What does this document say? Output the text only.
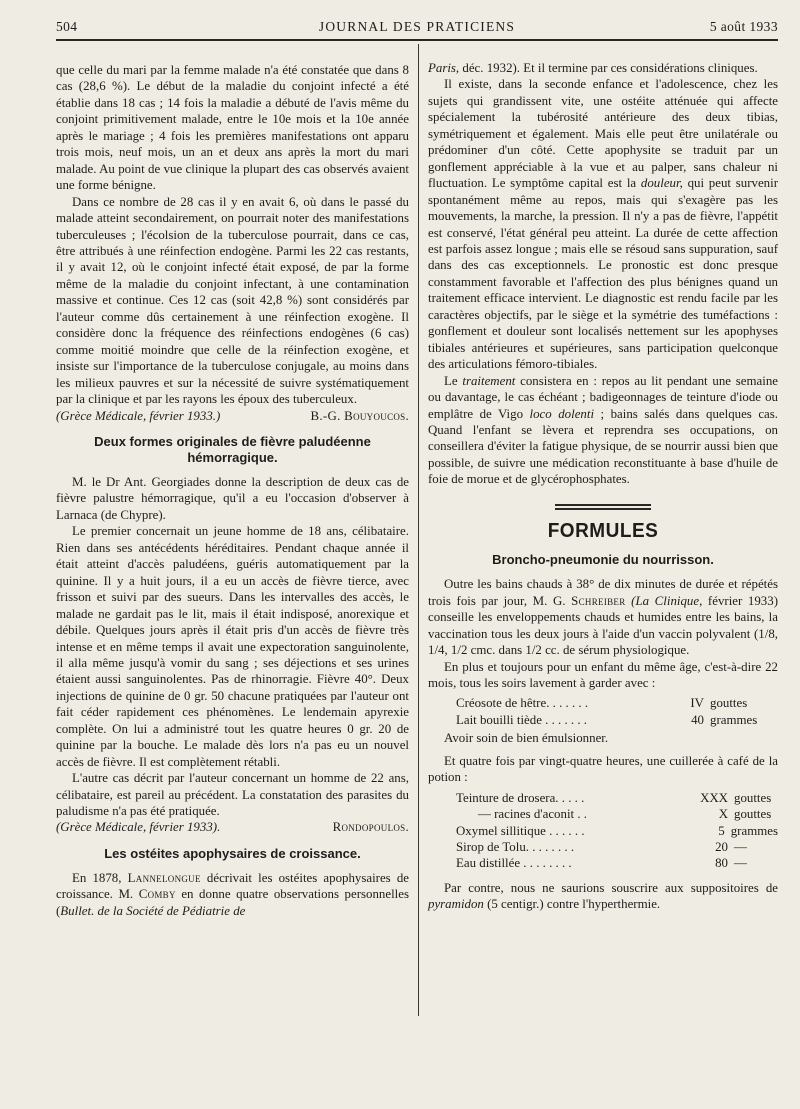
504	JOURNAL DES PRATICIENS	5 août 1933

que celle du mari par la femme malade n'a été constatée que dans 8 cas (28,6 %). Le début de la maladie du conjoint infecté a été établie dans 18 cas ; 14 fois la maladie a débuté de l'avis même du conjoint primitivement malade, entre le 10e mois et la 10e année après le mariage ; 4 fois les premières manifestations ont apparu trois mois, neuf mois, un an et deux ans après la mort du mari malade. Au point de vue clinique la plupart des cas observés avaient une forme bénigne.

Dans ce nombre de 28 cas il y en avait 6, où dans le passé du malade atteint secondairement, on pourrait noter des manifestations tuberculeuses ; l'écolsion de la tuberculose pourrait, dans ce cas, être attribués à une réinfection endogène. Parmi les 22 cas restants, il y avait 12, où le conjoint infecté était exposé, de par la forme même de la maladie du conjoint infectant, à une contamination massive et continue. Ces 12 cas (soit 42,8 %) sont considérés par l'auteur comme dûs certainement à une réinfection exogène. Il considère donc la fréquence des réinfections endogènes (6 cas) comme moitié moindre que celle de la réinfection exogène, et insiste sur l'importance de la tuberculose conjugale, au moins dans les milieux pauvres et sur la nécessité de suivre systématiquement par la clinique et par les rayons les époux des tuberculeux.

(Grèce Médicale, février 1933.)	B.-G. Bouyoucos.
Deux formes originales de fièvre paludéenne hémorragique.

M. le Dr Ant. Georgiades donne la description de deux cas de fièvre palustre hémorragique, qu'il a eu l'occasion d'observer à Larnaca (de Chypre).

Le premier concernait un jeune homme de 18 ans, célibataire. Rien dans ses antécédents héréditaires. Pendant chaque année il était atteint d'accès paludéens, guéris automatiquement par la quinine. Il y a huit jours, il a eu un accès de fièvre tierce, avec frisson et suivi par des sueurs. Dans les intervalles des accès, le malade ne gardait pas le lit, mais il était indisposé, anorexique et débile. Quelques jours après il était pris d'un accès de fièvre très intense et en même temps il avait une expectoration sanguinolente, il alla même jusqu'à vomir du sang ; ses déjections et ses urines étaient aussi sanguinolentes. Pas de rhinorragie. Fièvre 40°. Deux injections de quinine de 0 gr. 50 chacune pratiquées par l'auteur ont fait céder rapidement ces phénomènes. Le lendemain apyrexie complète. On lui a administré tout les quatre heures 0 gr. 20 de quinine par la bouche. Le malade dès lors n'a pas eu un nouvel accès de fièvre. Il est complètement rétabli.

L'autre cas décrit par l'auteur concernant un homme de 22 ans, célibataire, est pareil au précédent. La constatation des parasites du paludisme n'a pas été pratiquée.

(Grèce Médicale, février 1933).	Rondopoulos.
Les ostéites apophysaires de croissance.

En 1878, Lannelongue décrivait les ostéites apophysaires de croissance. M. Comby en donne quatre observations personnelles (Bullet. de la Société de Pédiatrie de

Paris, déc. 1932). Et il termine par ces considérations cliniques.

Il existe, dans la seconde enfance et l'adolescence, chez les sujets qui grandissent vite, une ostéite atténuée qui affecte spécialement la tubérosité antérieure des deux tibias, symétriquement et également. Mais elle peut être unilatérale ou prédominer d'un côté. Cette apophysite se traduit par un gonflement appréciable à la vue et au palper, sans chaleur ni fluctuation. Le symptôme capital est la douleur, qui peut survenir spontanément même au repos, mais qui s'exagère pas les mouvements, la marche, la pression. Il n'y a pas de fièvre, l'appétit est conservé, l'état général peu atteint. La durée de cette affection est parfois assez longue ; mais elle se résoud sans suppuration, sauf dans des cas exceptionnels. Le pronostic est donc presque constamment favorable et l'affection des plus bénignes quand un traitement efficace intervient. Le diagnostic est rendu facile par les caractères objectifs, par le siège et la symétrie des tuméfactions : gonflement et douleur sont localisés nettement sur les apophyses tibiales antérieures et supérieures, sans participation quelconque des articulations fémoro-tibiales.

Le traitement consistera en : repos au lit pendant une semaine ou davantage, le cas échéant ; badigeonnages de teinture d'iode ou emplâtre de Vigo loco dolenti ; bains salés dans quelques cas. Quand l'enfant se lèvera et reprendra ses occupations, on conseillera d'éviter la fatigue physique, de se nourrir aussi bien que possible, de suivre une médication reconstituante à base d'huile de foie de morue et de glycérophosphates.

FORMULES
Broncho-pneumonie du nourrisson.

Outre les bains chauds à 38° de dix minutes de durée et répétés trois fois par jour, M. G. Schreiber (La Clinique, février 1933) conseille les enveloppements chauds et humides entre les bains, la vaccination tous les deux jours à l'aide d'un vaccin polyvalent (1/8, 1/4, 1/2 cmc. dans 1/2 cc. de sérum physiologique.

En plus et toujours pour un enfant du même âge, c'est-à-dire 22 mois, tous les soirs lavement à garder avec :

Créosote de hêtre. . . . . . .	IV gouttes
Lait bouilli tiède . . . . . . .	40 grammes

Avoir soin de bien émulsionner.

Et quatre fois par vingt-quatre heures, une cuillerée à café de la potion :

Teinture de drosera. . . . .	XXX gouttes
— racines d'aconit . .	X gouttes
Oxymel sillitique . . . . . .	5 grammes
Sirop de Tolu. . . . . . . .	20 —
Eau distillée . . . . . . . .	80 —

Par contre, nous ne saurions souscrire aux suppositoires de pyramidon (5 centigr.) contre l'hyperthermie.
